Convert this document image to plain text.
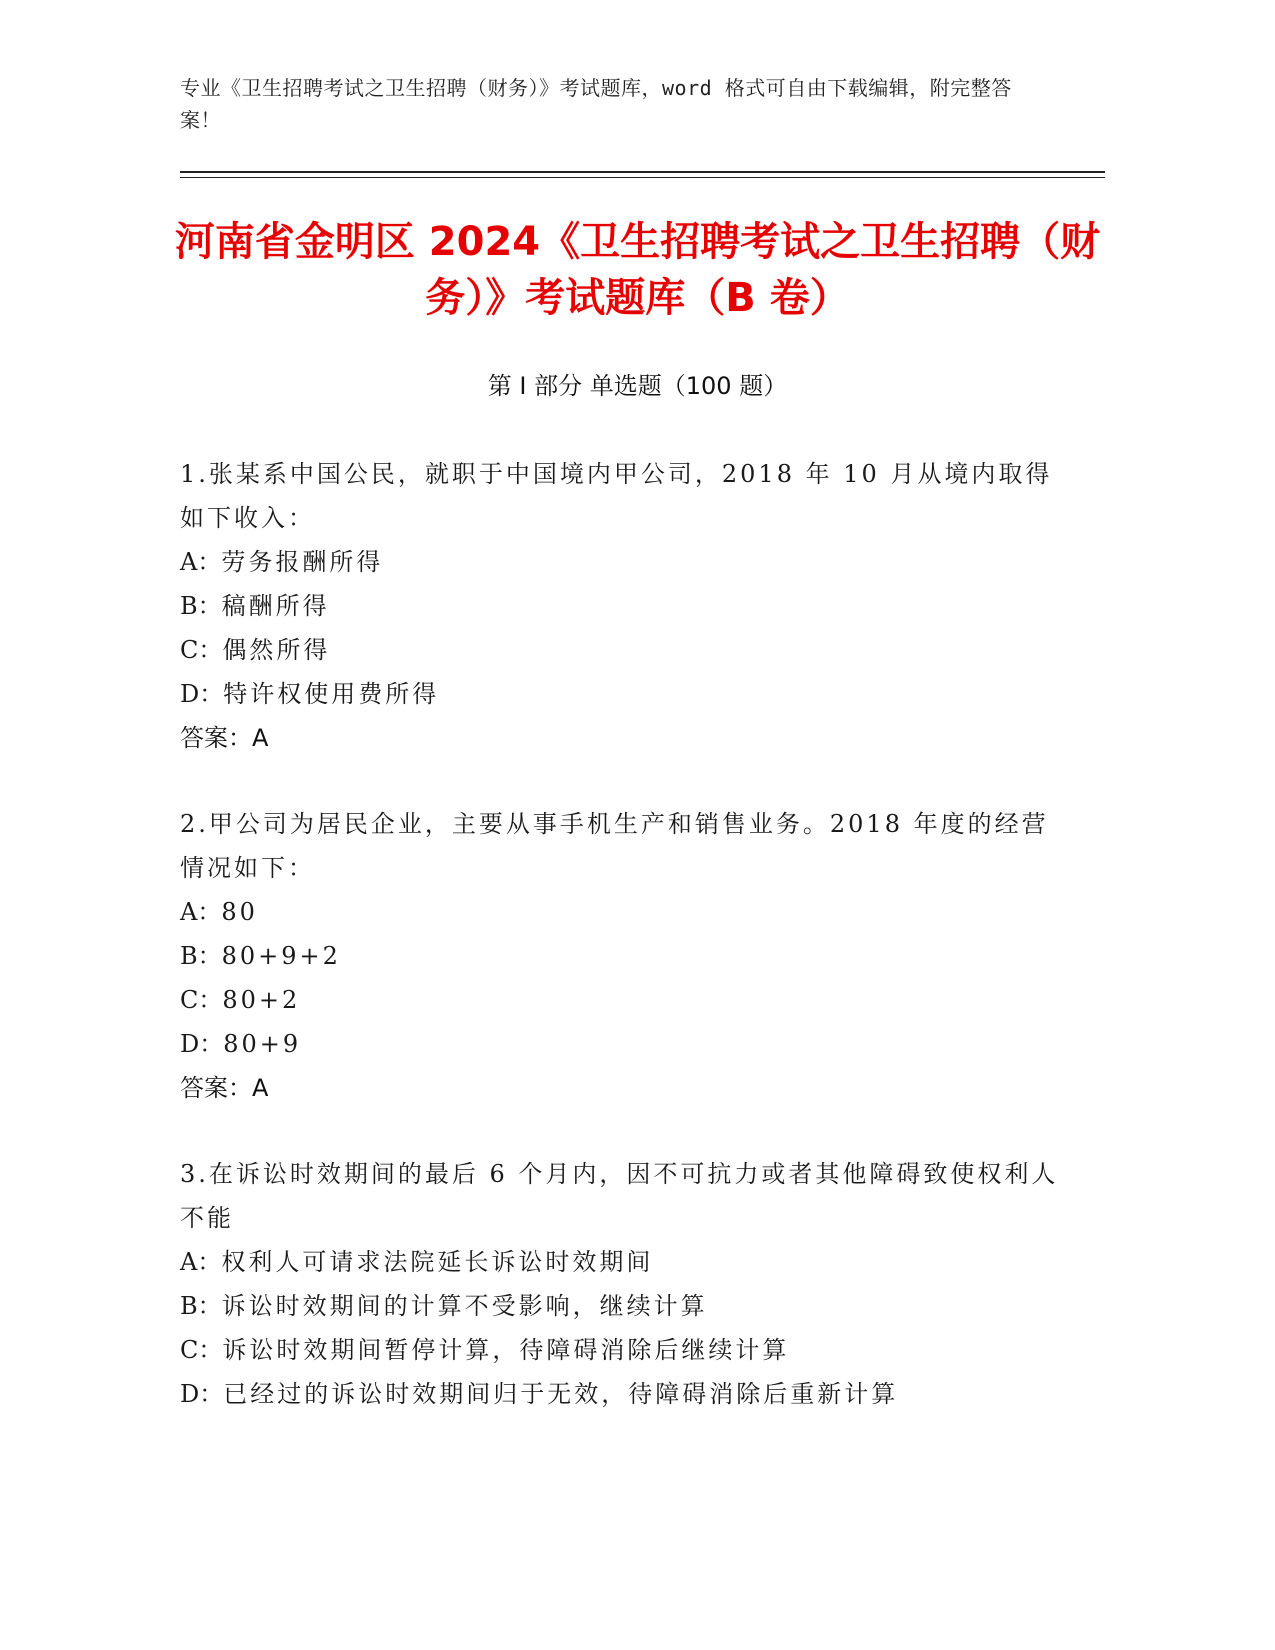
专业《卫生招聘考试之卫生招聘（财务）》考试题库，word 格式可自由下载编辑，附完整答案！
河南省金明区 2024《卫生招聘考试之卫生招聘（财务）》考试题库（B 卷）
第 I 部分 单选题（100 题）
1.张某系中国公民，就职于中国境内甲公司，2018 年 10 月从境内取得如下收入：
A：劳务报酬所得
B：稿酬所得
C：偶然所得
D：特许权使用费所得
答案：A
2.甲公司为居民企业，主要从事手机生产和销售业务。2018 年度的经营情况如下：
A：80
B：80+9+2
C：80+2
D：80+9
答案：A
3.在诉讼时效期间的最后 6 个月内，因不可抗力或者其他障碍致使权利人不能
A：权利人可请求法院延长诉讼时效期间
B：诉讼时效期间的计算不受影响，继续计算
C：诉讼时效期间暂停计算，待障碍消除后继续计算
D：已经过的诉讼时效期间归于无效，待障碍消除后重新计算
